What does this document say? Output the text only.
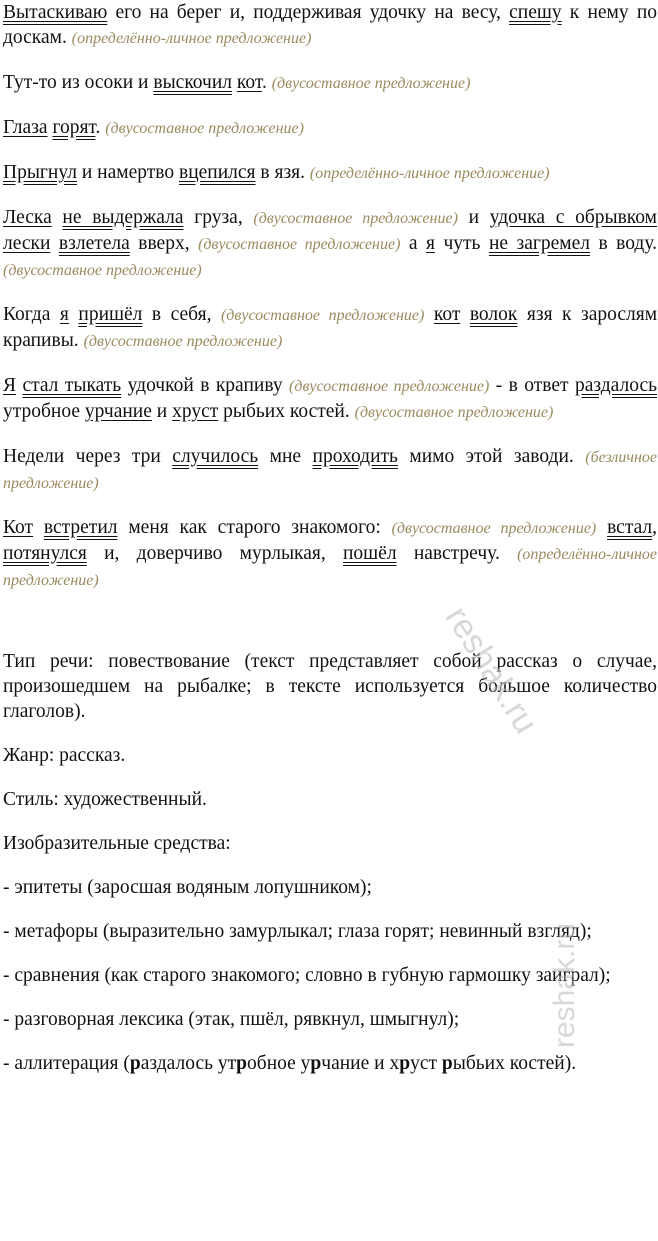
Вытаскиваю его на берег и, поддерживая удочку на весу, спешу к нему по доскам. (определённо-личное предложение)

Тут-то из осоки и выскочил кот. (двусоставное предложение)

Глаза горят. (двусоставное предложение)

Прыгнул и намертво вцепился в язя. (определённо-личное предложение)

Леска не выдержала груза, (двусоставное предложение) и удочка с обрывком лески взлетела вверх, (двусоставное предложение) а я чуть не загремел в воду. (двусоставное предложение)

Когда я пришёл в себя, (двусоставное предложение) кот волок язя к зарослям крапивы. (двусоставное предложение)

Я стал тыкать удочкой в крапиву (двусоставное предложение) - в ответ раздалось утробное урчание и хруст рыбьих костей. (двусоставное предложение)

Недели через три случилось мне проходить мимо этой заводи. (безличное предложение)

Кот встретил меня как старого знакомого: (двусоставное предложение) встал, потянулся и, доверчиво мурлыкая, пошёл навстречу. (определённо-личное предложение)

Тип речи: повествование (текст представляет собой рассказ о случае, произошедшем на рыбалке; в тексте используется большое количество глаголов).

Жанр: рассказ.

Стиль: художественный.

Изобразительные средства:

- эпитеты (заросшая водяным лопушником);

- метафоры (выразительно замурлыкал; глаза горят; невинный взгляд);

- сравнения (как старого знакомого; словно в губную гармошку заиграл);

- разговорная лексика (этак, пшёл, рявкнул, шмыгнул);

- аллитерация (раздалось утробное урчание и хруст рыбьих костей).

reshak.ru
reshak.ru
